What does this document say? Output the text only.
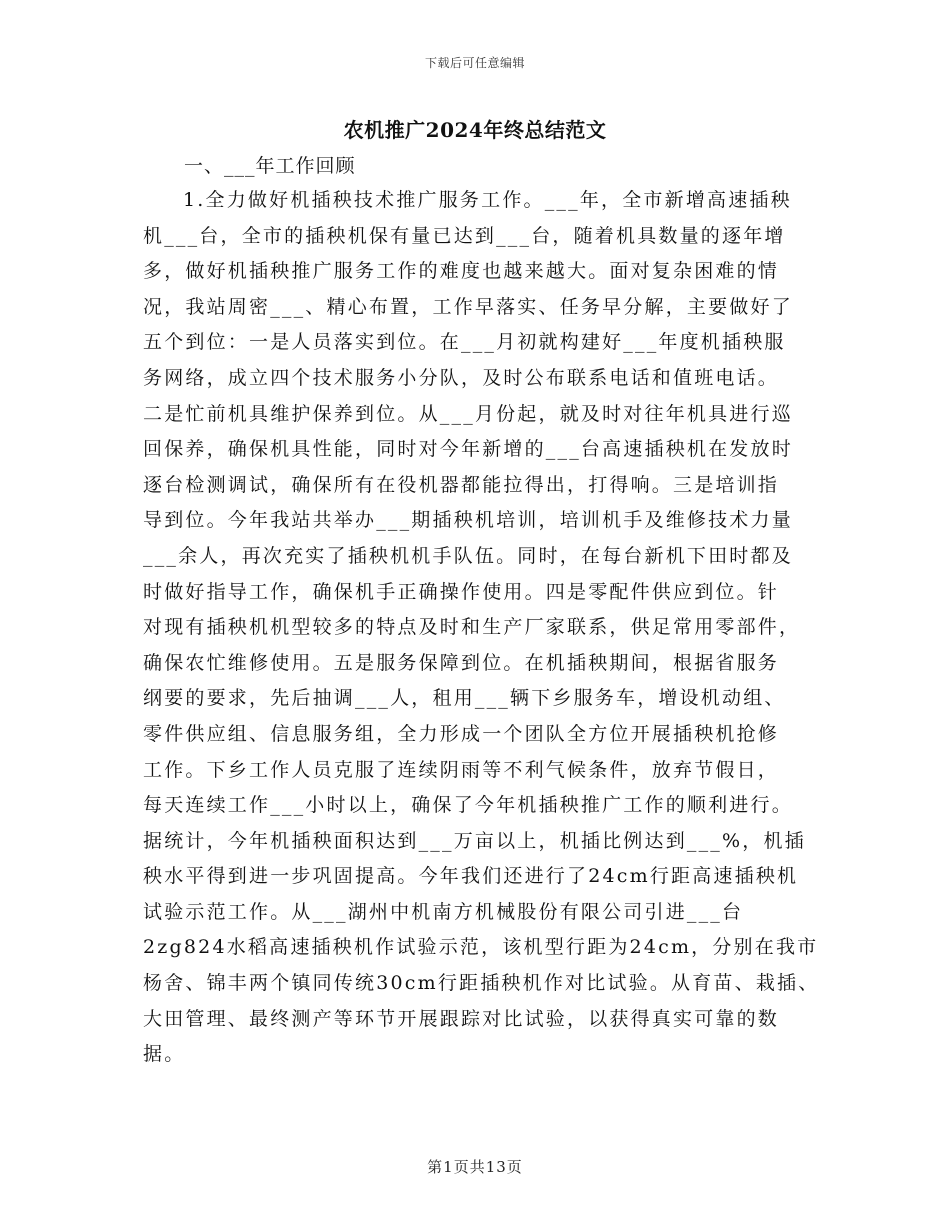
下载后可任意编辑
农机推广2024年终总结范文
一、___年工作回顾
1.全力做好机插秧技术推广服务工作。___年，全市新增高速插秧
机___台，全市的插秧机保有量已达到___台，随着机具数量的逐年增
多，做好机插秧推广服务工作的难度也越来越大。面对复杂困难的情
况，我站周密___、精心布置，工作早落实、任务早分解，主要做好了
五个到位：一是人员落实到位。在___月初就构建好___年度机插秧服
务网络，成立四个技术服务小分队，及时公布联系电话和值班电话。
二是忙前机具维护保养到位。从___月份起，就及时对往年机具进行巡
回保养，确保机具性能，同时对今年新增的___台高速插秧机在发放时
逐台检测调试，确保所有在役机器都能拉得出，打得响。三是培训指
导到位。今年我站共举办___期插秧机培训，培训机手及维修技术力量
___余人，再次充实了插秧机机手队伍。同时，在每台新机下田时都及
时做好指导工作，确保机手正确操作使用。四是零配件供应到位。针
对现有插秧机机型较多的特点及时和生产厂家联系，供足常用零部件，
确保农忙维修使用。五是服务保障到位。在机插秧期间，根据省服务
纲要的要求，先后抽调___人，租用___辆下乡服务车，增设机动组、
零件供应组、信息服务组，全力形成一个团队全方位开展插秧机抢修
工作。下乡工作人员克服了连续阴雨等不利气候条件，放弃节假日，
每天连续工作___小时以上，确保了今年机插秧推广工作的顺利进行。
据统计，今年机插秧面积达到___万亩以上，机插比例达到___%，机插
秧水平得到进一步巩固提高。今年我们还进行了24cm行距高速插秧机
试验示范工作。从___湖州中机南方机械股份有限公司引进___台
2zg824水稻高速插秧机作试验示范，该机型行距为24cm，分别在我市
杨舍、锦丰两个镇同传统30cm行距插秧机作对比试验。从育苗、栽插、
大田管理、最终测产等环节开展跟踪对比试验，以获得真实可靠的数
据。
第1页共13页
